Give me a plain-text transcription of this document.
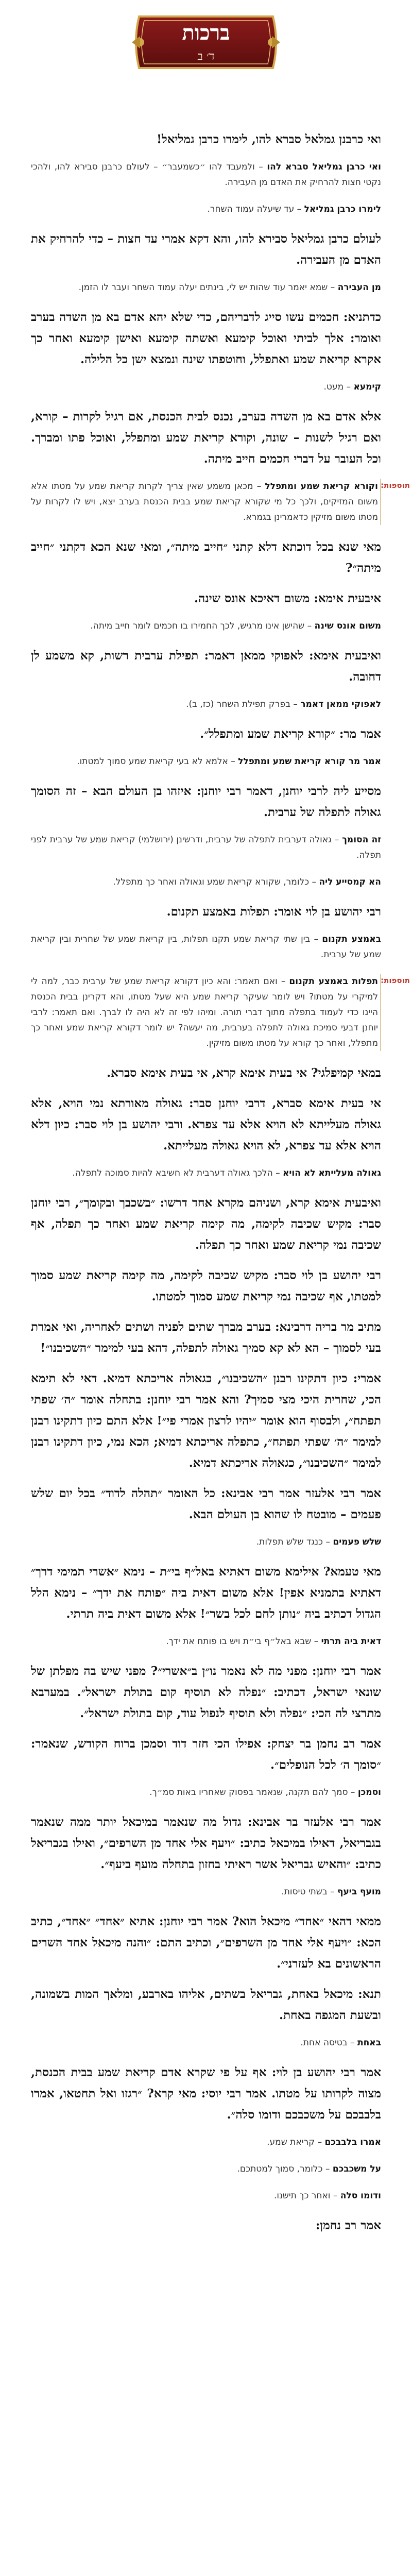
ברכות
ד׳ ב

ואי כרבנן גמלאל סברא להו, לימרו כרבן גמליאל!

ואי כרבן גמליאל סברא להו – ולמעבד להו ״כשמעבר״ – לעולם כרבנן סבירא להו, ולהכי נקטי חצות להרחיק את האדם מן העבירה.

לימרו כרבן גמליאל – עד שיעלה עמוד השחר.

לעולם כרבן גמליאל סבירא להו, והא דקא אמרי עד חצות – כדי להרחיק את האדם מן העבירה.

מן העבירה – שמא יאמר עוד שהות יש לי, בינתים יעלה עמוד השחר ועבר לו הזמן.

כדתניא: חכמים עשו סייג לדבריהם, כדי שלא יהא אדם בא מן השדה בערב ואומר: אלך לביתי ואוכל קימעא ואשתה קימעא ואישן קימעא ואחר כך אקרא קריאת שמע ואתפלל, וחוטפתו שינה ונמצא ישן כל הלילה.

קימעא – מעט.

אלא אדם בא מן השדה בערב, נכנס לבית הכנסת, אם רגיל לקרות – קורא, ואם רגיל לשנות – שונה, וקורא קריאת שמע ומתפלל, ואוכל פתו ומברך. וכל העובר על דברי חכמים חייב מיתה.

תוספות:

וקורא קריאת שמע ומתפלל – מכאן משמע שאין צריך לקרות קריאת שמע על מטתו אלא משום המזיקים, ולכך כל מי שקורא קריאת שמע בבית הכנסת בערב יצא, ויש לו לקרות על מטתו משום מזיקין כדאמרינן בגמרא.

מאי שנא בכל דוכתא דלא קתני ״חייב מיתה״, ומאי שנא הכא דקתני ״חייב מיתה״?

איבעית אימא: משום דאיכא אונס שינה.

משום אונס שינה – שהישן אינו מרגיש, לכך החמירו בו חכמים לומר חייב מיתה.

ואיבעית אימא: לאפוקי ממאן דאמר: תפילת ערבית רשות, קא משמע לן דחובה.

לאפוקי ממאן דאמר – בפרק תפילת השחר (כז, ב).

אמר מר: ״קורא קריאת שמע ומתפלל״.

אמר מר קורא קריאת שמע ומתפלל – אלמא לא בעי קריאת שמע סמוך למטתו.

מסייע ליה לרבי יוחנן, דאמר רבי יוחנן: איזהו בן העולם הבא – זה הסומך גאולה לתפלה של ערבית.

זה הסומך – גאולה דערבית לתפלה של ערבית, ודרשינן (ירושלמי) קריאת שמע של ערבית לפני תפלה.

הא קמסייע ליה – כלומר, שקורא קריאת שמע וגאולה ואחר כך מתפלל.

רבי יהושע בן לוי אומר: תפלות באמצע תקנום.

באמצע תקנום – בין שתי קריאת שמע תקנו תפלות, בין קריאת שמע של שחרית ובין קריאת שמע של ערבית.

תוספות:

תפלות באמצע תקנום – ואם תאמר: והא כיון דקורא קריאת שמע של ערבית כבר, למה לי למיקרי על מטתו? ויש לומר שעיקר קריאת שמע היא שעל מטתו, והא דקרינן בבית הכנסת היינו כדי לעמוד בתפלה מתוך דברי תורה. ומיהו לפי זה לא היה לו לברך. ואם תאמר: לרבי יוחנן דבעי סמיכת גאולה לתפלה בערבית, מה יעשה? יש לומר דקורא קריאת שמע ואחר כך מתפלל, ואחר כך קורא על מטתו משום מזיקין.

במאי קמיפלגי? אי בעית אימא קרא, אי בעית אימא סברא.

אי בעית אימא סברא, דרבי יוחנן סבר: גאולה מאורתא נמי הויא, אלא גאולה מעלייתא לא הויא אלא עד צפרא. ורבי יהושע בן לוי סבר: כיון דלא הויא אלא עד צפרא, לא הויא גאולה מעלייתא.

גאולה מעלייתא לא הויא – הלכך גאולה דערבית לא חשיבא להיות סמוכה לתפלה.

ואיבעית אימא קרא, ושניהם מקרא אחד דרשו: ״בשכבך ובקומך״, רבי יוחנן סבר: מקיש שכיבה לקימה, מה קימה קריאת שמע ואחר כך תפלה, אף שכיבה נמי קריאת שמע ואחר כך תפלה.

רבי יהושע בן לוי סבר: מקיש שכיבה לקימה, מה קימה קריאת שמע סמוך למטתו, אף שכיבה נמי קריאת שמע סמוך למטתו.

מתיב מר בריה דרבינא: בערב מברך שתים לפניה ושתים לאחריה, ואי אמרת בעי לסמוך – הא לא קא סמיך גאולה לתפלה, דהא בעי למימר ״השכיבנו״!

אמרי: כיון דתקינו רבנן ״השכיבנו״, כגאולה אריכתא דמיא. דאי לא תימא הכי, שחרית היכי מצי סמיך? והא אמר רבי יוחנן: בתחלה אומר ״ה׳ שפתי תפתח״, ולבסוף הוא אומר ״יהיו לרצון אמרי פי״! אלא התם כיון דתקינו רבנן למימר ״ה׳ שפתי תפתח״, כתפלה אריכתא דמיא; הכא נמי, כיון דתקינו רבנן למימר ״השכיבנו״, כגאולה אריכתא דמיא.

אמר רבי אלעזר אמר רבי אבינא: כל האומר ״תהלה לדוד״ בכל יום שלש פעמים – מובטח לו שהוא בן העולם הבא.

שלש פעמים – כנגד שלש תפלות.

מאי טעמא? אילימא משום דאתיא באל״ף בי״ת – נימא ״אשרי תמימי דרך״ דאתיא בתמניא אפין! אלא משום דאית ביה ״פותח את ידך״ – נימא הלל הגדול דכתיב ביה ״נותן לחם לכל בשר״! אלא משום דאית ביה תרתי.

דאית ביה תרתי – שבא באל״ף בי״ת ויש בו פותח את ידך.

אמר רבי יוחנן: מפני מה לא נאמר נו״ן ב״אשרי״? מפני שיש בה מפלתן של שונאי ישראל, דכתיב: ״נפלה לא תוסיף קום בתולת ישראל״. במערבא מתרצי לה הכי: ״נפלה ולא תוסיף לנפול עוד, קום בתולת ישראל״.

אמר רב נחמן בר יצחק: אפילו הכי חזר דוד וסמכן ברוח הקודש, שנאמר: ״סומך ה׳ לכל הנופלים״.

וסמכן – סמך להם תקנה, שנאמר בפסוק שאחריו באות סמ״ך.

אמר רבי אלעזר בר אבינא: גדול מה שנאמר במיכאל יותר ממה שנאמר בגבריאל, דאילו במיכאל כתיב: ״ויעף אלי אחד מן השרפים״, ואילו בגבריאל כתיב: ״והאיש גבריאל אשר ראיתי בחזון בתחלה מועף ביעף״.

מועף ביעף – בשתי טיסות.

ממאי דהאי ״אחד״ מיכאל הוא? אמר רבי יוחנן: אתיא ״אחד״ ״אחד״, כתיב הכא: ״ויעף אלי אחד מן השרפים״, וכתיב התם: ״והנה מיכאל אחד השרים הראשונים בא לעזרני״.

תנא: מיכאל באחת, גבריאל בשתים, אליהו בארבע, ומלאך המות בשמונה, ובשעת המגפה באחת.

באחת – בטיסה אחת.

אמר רבי יהושע בן לוי: אף על פי שקרא אדם קריאת שמע בבית הכנסת, מצוה לקרותו על מטתו. אמר רבי יוסי: מאי קרא? ״רגזו ואל תחטאו, אמרו בלבבכם על משכבכם ודומו סלה״.

אמרו בלבבכם – קריאת שמע.

על משכבכם – כלומר, סמוך למטתכם.

ודומו סלה – ואחר כך תישנו.

אמר רב נחמן:
